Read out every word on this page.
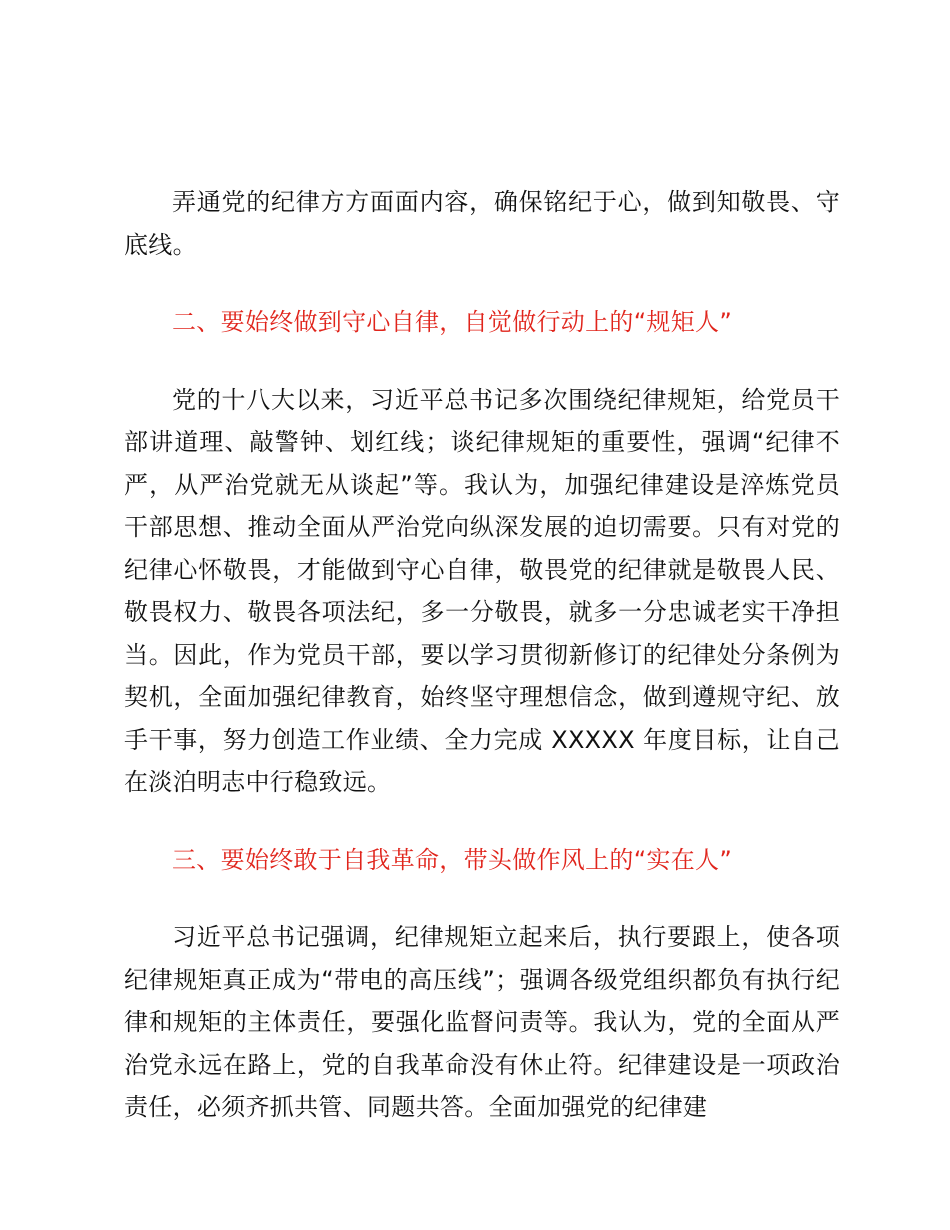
弄通党的纪律方方面面内容，确保铭纪于心，做到知敬畏、守底线。

二、要始终做到守心自律，自觉做行动上的“规矩人”

党的十八大以来，习近平总书记多次围绕纪律规矩，给党员干部讲道理、敲警钟、划红线；谈纪律规矩的重要性，强调“纪律不严，从严治党就无从谈起”等。我认为，加强纪律建设是淬炼党员干部思想、推动全面从严治党向纵深发展的迫切需要。只有对党的纪律心怀敬畏，才能做到守心自律，敬畏党的纪律就是敬畏人民、敬畏权力、敬畏各项法纪，多一分敬畏，就多一分忠诚老实干净担当。因此，作为党员干部，要以学习贯彻新修订的纪律处分条例为契机，全面加强纪律教育，始终坚守理想信念，做到遵规守纪、放手干事，努力创造工作业绩、全力完成 XXXXX 年度目标，让自己在淡泊明志中行稳致远。

三、要始终敢于自我革命，带头做作风上的“实在人”

习近平总书记强调，纪律规矩立起来后，执行要跟上，使各项纪律规矩真正成为“带电的高压线”；强调各级党组织都负有执行纪律和规矩的主体责任，要强化监督问责等。我认为，党的全面从严治党永远在路上，党的自我革命没有休止符。纪律建设是一项政治责任，必须齐抓共管、同题共答。全面加强党的纪律建
